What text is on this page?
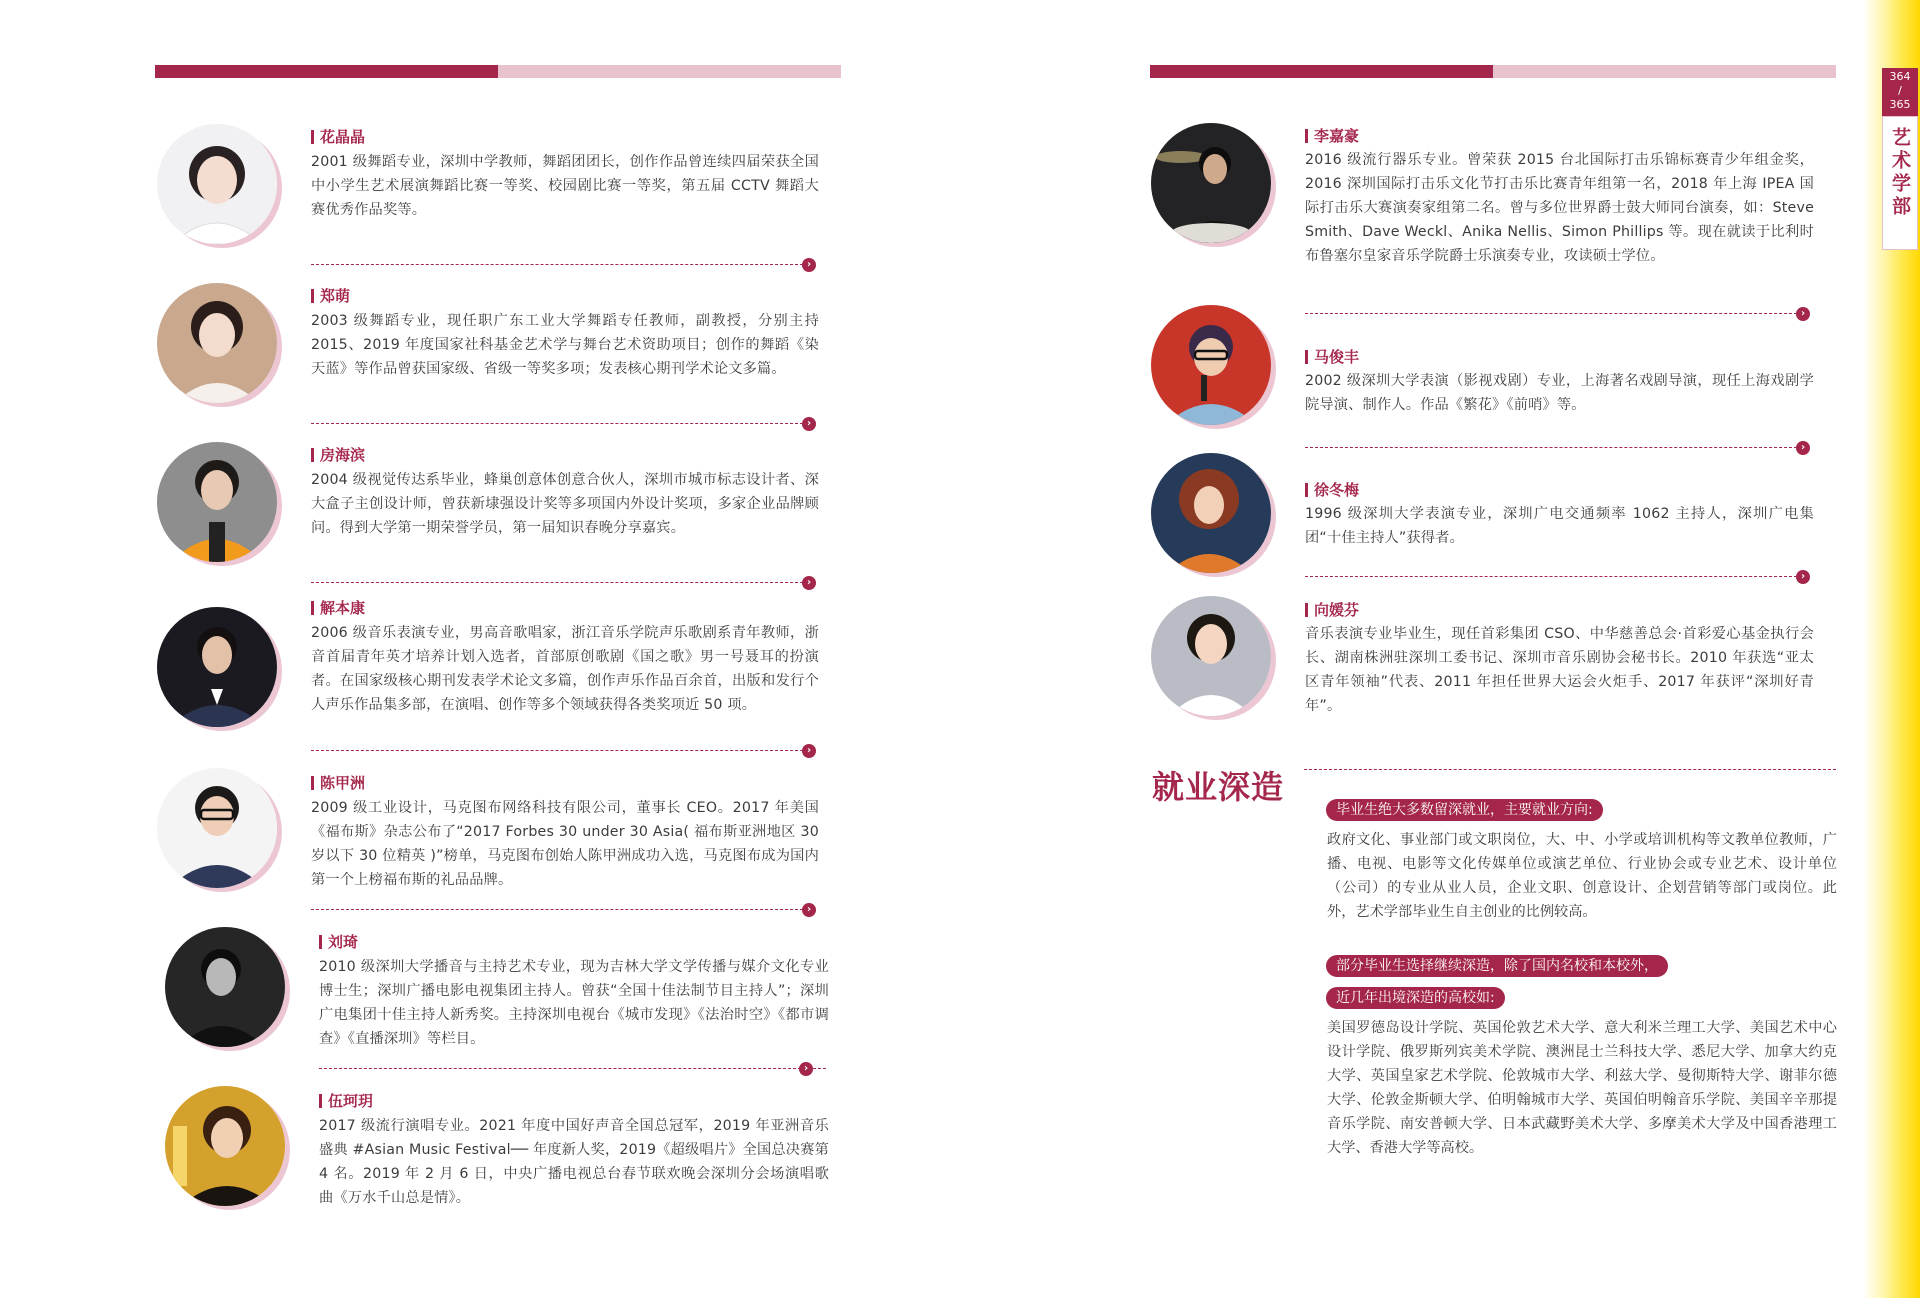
花晶晶

2001 级舞蹈专业，深圳中学教师，舞蹈团团长，创作作品曾连续四届荣获全国中小学生艺术展演舞蹈比赛一等奖、校园剧比赛一等奖，第五届 CCTV 舞蹈大赛优秀作品奖等。

›
郑萌

2003 级舞蹈专业，现任职广东工业大学舞蹈专任教师，副教授，分别主持 2015、2019 年度国家社科基金艺术学与舞台艺术资助项目；创作的舞蹈《染天蓝》等作品曾获国家级、省级一等奖多项；发表核心期刊学术论文多篇。

›
房海滨

2004 级视觉传达系毕业，蜂巢创意体创意合伙人，深圳市城市标志设计者、深大盒子主创设计师，曾获新埭强设计奖等多项国内外设计奖项，多家企业品牌顾问。得到大学第一期荣誉学员，第一届知识春晚分享嘉宾。

›
解本康

2006 级音乐表演专业，男高音歌唱家，浙江音乐学院声乐歌剧系青年教师，浙音首届青年英才培养计划入选者，首部原创歌剧《国之歌》男一号聂耳的扮演者。在国家级核心期刊发表学术论文多篇，创作声乐作品百余首，出版和发行个人声乐作品集多部，在演唱、创作等多个领域获得各类奖项近 50 项。

›
陈甲洲

2009 级工业设计，马克图布网络科技有限公司，董事长 CEO。2017 年美国《福布斯》杂志公布了“2017 Forbes 30 under 30 Asia( 福布斯亚洲地区 30 岁以下 30 位精英 )”榜单，马克图布创始人陈甲洲成功入选，马克图布成为国内第一个上榜福布斯的礼品品牌。

›
刘琦

2010 级深圳大学播音与主持艺术专业，现为吉林大学文学传播与媒介文化专业博士生；深圳广播电影电视集团主持人。曾获“全国十佳法制节目主持人”；深圳广电集团十佳主持人新秀奖。主持深圳电视台《城市发现》《法治时空》《都市调查》《直播深圳》等栏目。

›
伍珂玥

2017 级流行演唱专业。2021 年度中国好声音全国总冠军，2019 年亚洲音乐盛典 #Asian Music Festival── 年度新人奖，2019《超级唱片》全国总决赛第 4 名。2019 年 2 月 6 日，中央广播电视总台春节联欢晚会深圳分会场演唱歌曲《万水千山总是情》。

李嘉豪

2016 级流行器乐专业。曾荣获 2015 台北国际打击乐锦标赛青少年组金奖，2016 深圳国际打击乐文化节打击乐比赛青年组第一名，2018 年上海 IPEA 国际打击乐大赛演奏家组第二名。曾与多位世界爵士鼓大师同台演奏，如：Steve Smith、Dave Weckl、Anika Nellis、Simon Phillips 等。现在就读于比利时布鲁塞尔皇家音乐学院爵士乐演奏专业，攻读硕士学位。

›
马俊丰

2002 级深圳大学表演（影视戏剧）专业，上海著名戏剧导演，现任上海戏剧学院导演、制作人。作品《繁花》《前哨》等。

›
徐冬梅

1996 级深圳大学表演专业，深圳广电交通频率 1062 主持人，深圳广电集团“十佳主持人”获得者。

›
向媛芬

音乐表演专业毕业生，现任首彩集团 CSO、中华慈善总会·首彩爱心基金执行会长、湖南株洲驻深圳工委书记、深圳市音乐剧协会秘书长。2010 年获选“亚太区青年领袖”代表、2011 年担任世界大运会火炬手、2017 年获评“深圳好青年”。

就业深造
毕业生绝大多数留深就业，主要就业方向:

政府文化、事业部门或文职岗位，大、中、小学或培训机构等文教单位教师，广播、电视、电影等文化传媒单位或演艺单位、行业协会或专业艺术、设计单位（公司）的专业从业人员，企业文职、创意设计、企划营销等部门或岗位。此外，艺术学部毕业生自主创业的比例较高。

部分毕业生选择继续深造，除了国内名校和本校外，
近几年出境深造的高校如:

美国罗德岛设计学院、英国伦敦艺术大学、意大利米兰理工大学、美国艺术中心设计学院、俄罗斯列宾美术学院、澳洲昆士兰科技大学、悉尼大学、加拿大约克大学、英国皇家艺术学院、伦敦城市大学、利兹大学、曼彻斯特大学、谢菲尔德大学、伦敦金斯顿大学、伯明翰城市大学、英国伯明翰音乐学院、美国辛辛那提音乐学院、南安普顿大学、日本武藏野美术大学、多摩美术大学及中国香港理工大学、香港大学等高校。

364
/
365
艺术学部
